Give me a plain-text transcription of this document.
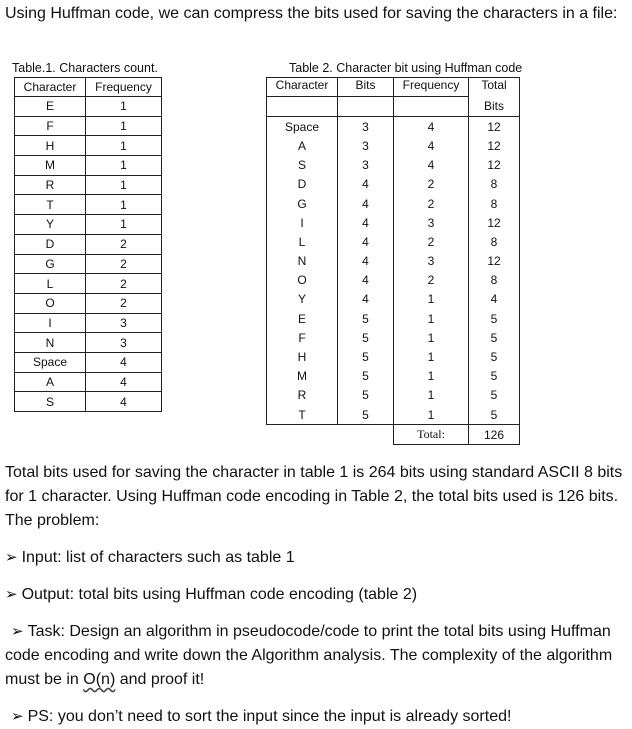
Using Huffman code, we can compress the bits used for saving the characters in a file:

Table.1. Characters count.
Character	Frequency
E	1
F	1
H	1
M	1
R	1
T	1
Y	1
D	2
G	2
L	2
O	2
I	3
N	3
Space	4
A	4
S	4
Table 2. Character bit using Huffman code
Character	Bits	Frequency	Total
			Bits
Space	3	4	12
A	3	4	12
S	3	4	12
D	4	2	8
G	4	2	8
I	4	3	12
L	4	2	8
N	4	3	12
O	4	2	8
Y	4	1	4
E	5	1	5
F	5	1	5
H	5	1	5
M	5	1	5
R	5	1	5
T	5	1	5
		Total:	126

Total bits used for saving the character in table 1 is 264 bits using standard ASCII 8 bits for 1 character. Using Huffman code encoding in Table 2, the total bits used is 126 bits. The problem:

➢ Input: list of characters such as table 1

➢ Output: total bits using Huffman code encoding (table 2)

➢ Task: Design an algorithm in pseudocode/code to print the total bits using Huffman code encoding and write down the Algorithm analysis. The complexity of the algorithm must be in O(n) and proof it!

➢ PS: you don’t need to sort the input since the input is already sorted!
